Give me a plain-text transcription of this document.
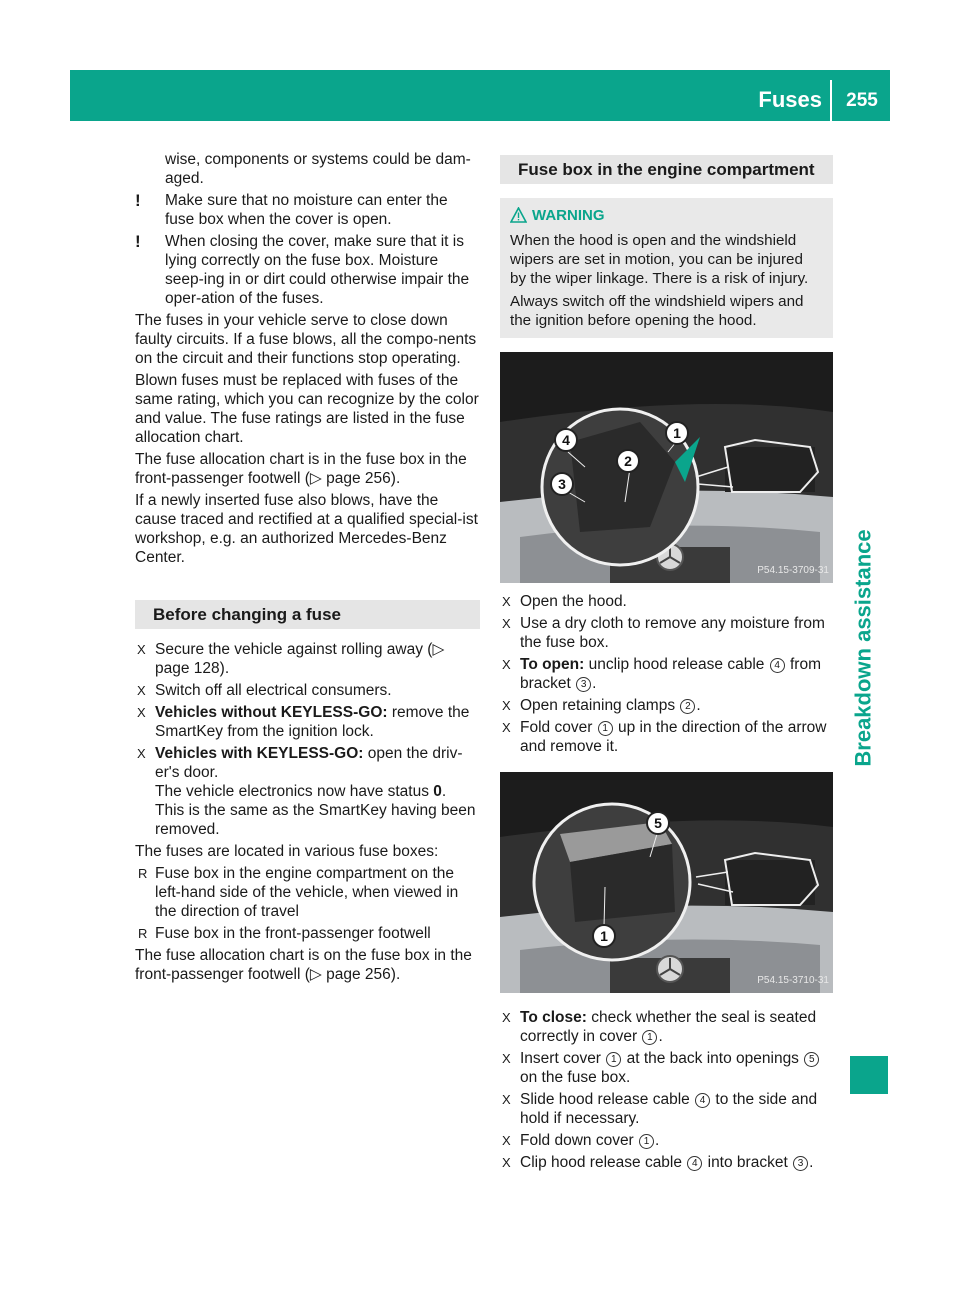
Fuses	255
Breakdown assistance

wise, components or systems could be dam-aged.

! Make sure that no moisture can enter the fuse box when the cover is open.
! When closing the cover, make sure that it is lying correctly on the fuse box. Moisture seep-ing in or dirt could otherwise impair the oper-ation of the fuses.

The fuses in your vehicle serve to close down faulty circuits. If a fuse blows, all the compo-nents on the circuit and their functions stop operating.

Blown fuses must be replaced with fuses of the same rating, which you can recognize by the color and value. The fuse ratings are listed in the fuse allocation chart.

The fuse allocation chart is in the fuse box in the front-passenger footwell (▷ page 256).

If a newly inserted fuse also blows, have the cause traced and rectified at a qualified special-ist workshop, e.g. an authorized Mercedes-Benz Center.

Before changing a fuse
X Secure the vehicle against rolling away (▷ page 128).
X Switch off all electrical consumers.
X Vehicles without KEYLESS-GO: remove the SmartKey from the ignition lock.
X Vehicles with KEYLESS-GO: open the driv-er's door.
The vehicle electronics now have status 0.
This is the same as the SmartKey having been removed.

The fuses are located in various fuse boxes:

R Fuse box in the engine compartment on the left-hand side of the vehicle, when viewed in the direction of travel
R Fuse box in the front-passenger footwell

The fuse allocation chart is on the fuse box in the front-passenger footwell (▷ page 256).

Fuse box in the engine compartment
WARNING

When the hood is open and the windshield wipers are set in motion, you can be injured by the wiper linkage. There is a risk of injury.

Always switch off the windshield wipers and the ignition before opening the hood.

1
2
3
4
P54.15-3709-31
X Open the hood.
X Use a dry cloth to remove any moisture from the fuse box.
X To open: unclip hood release cable 4 from bracket 3 .
X Open retaining clamps 2 .
X Fold cover 1 up in the direction of the arrow and remove it.
5
1
P54.15-3710-31
X To close: check whether the seal is seated correctly in cover 1 .
X Insert cover 1 at the back into openings 5 on the fuse box.
X Slide hood release cable 4 to the side and hold if necessary.
X Fold down cover 1 .
X Clip hood release cable 4 into bracket 3 .
